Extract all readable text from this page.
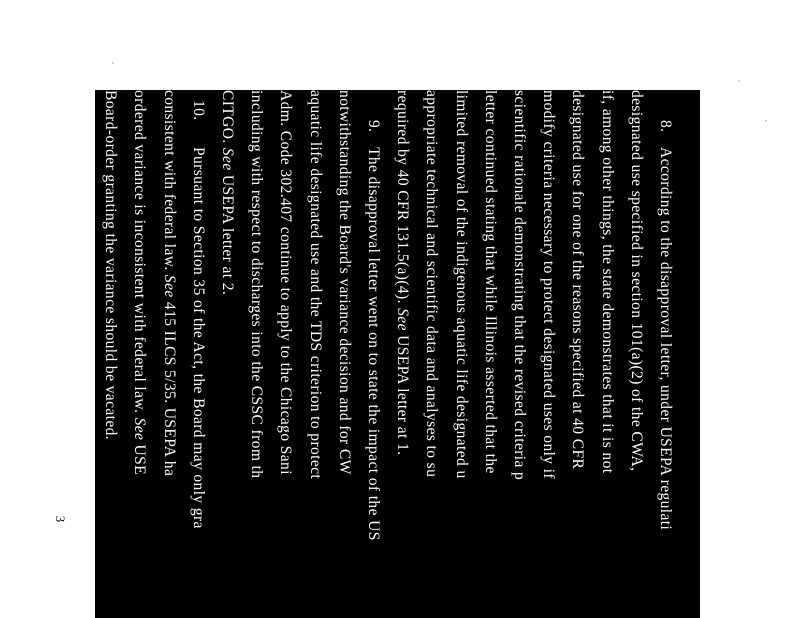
8.
According to the disapproval letter, under USEPA regulati
designated use specified in section 101(a)(2) of the CWA,
if, among other things, the state demonstrates that it is not
designated use for one of the reasons specified at 40 CFR
modify criteria necessary to protect designated uses only if
scientific rationale demonstrating that the revised criteria p
letter continued stating that while Illinois asserted that the
limited removal of the indigenous aquatic life designated u
appropriate technical and scientific data and analyses to su
required by 40 CFR 131.5(a)(4). See USEPA letter at 1.
9.
The disapproval letter went on to state the impact of the US
notwithstanding the Board's variance decision and for CW
aquatic life designated use and the TDS criterion to protect
Adm. Code 302.407 continue to apply to the Chicago Sani
including with respect to discharges into the CSSC from th
CITGO. See USEPA letter at 2.
10.
Pursuant to Section 35 of the Act, the Board may only gra
consistent with federal law. See 415 ILCS 5/35. USEPA ha
ordered variance is inconsistent with federal law. See USE
Board-order granting the variance should be vacated.
3
